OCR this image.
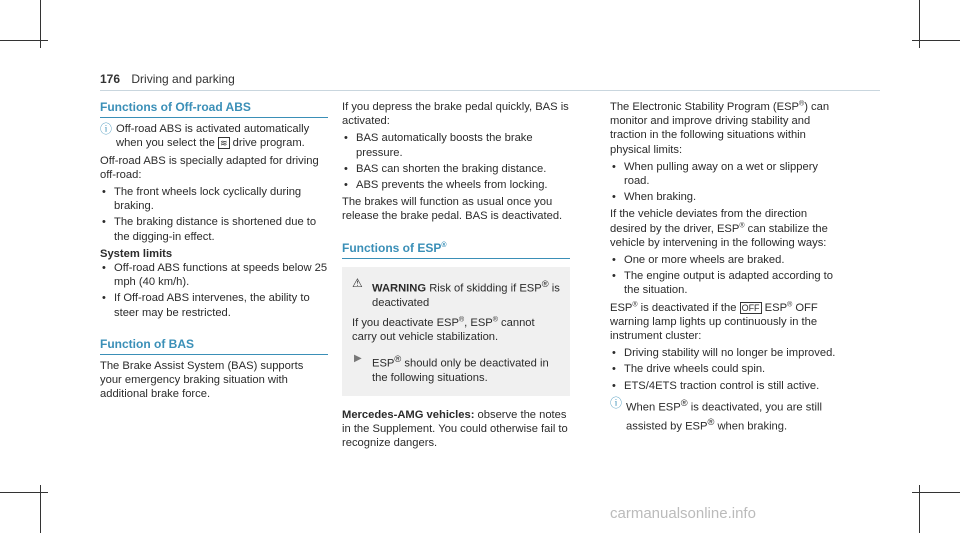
176 Driving and parking
Functions of Off-road ABS
ⓘ Off-road ABS is activated automatically when you select the ≋ drive program.

Off-road ABS is specially adapted for driving off-road:

• The front wheels lock cyclically during braking.
• The braking distance is shortened due to the digging-in effect.
System limits
• Off-road ABS functions at speeds below 25 mph (40 km/h).
• If Off-road ABS intervenes, the ability to steer may be restricted.
Function of BAS

The Brake Assist System (BAS) supports your emergency braking situation with additional brake force.

If you depress the brake pedal quickly, BAS is activated:

• BAS automatically boosts the brake pressure.
• BAS can shorten the braking distance.
• ABS prevents the wheels from locking.

The brakes will function as usual once you release the brake pedal. BAS is deactivated.

Functions of ESP®
⚠ WARNING Risk of skidding if ESP® is deactivated

If you deactivate ESP®, ESP® cannot carry out vehicle stabilization.

▶ ESP® should only be deactivated in the following situations.

Mercedes-AMG vehicles: observe the notes in the Supplement. You could otherwise fail to recognize dangers.

The Electronic Stability Program (ESP®) can monitor and improve driving stability and traction in the following situations within physical limits:

• When pulling away on a wet or slippery road.
• When braking.

If the vehicle deviates from the direction desired by the driver, ESP® can stabilize the vehicle by intervening in the following ways:

• One or more wheels are braked.
• The engine output is adapted according to the situation.

ESP® is deactivated if the OFF ESP® OFF warning lamp lights up continuously in the instrument cluster:

• Driving stability will no longer be improved.
• The drive wheels could spin.
• ETS/4ETS traction control is still active.
ⓘ When ESP® is deactivated, you are still assisted by ESP® when braking.
carmanualsonline.info
